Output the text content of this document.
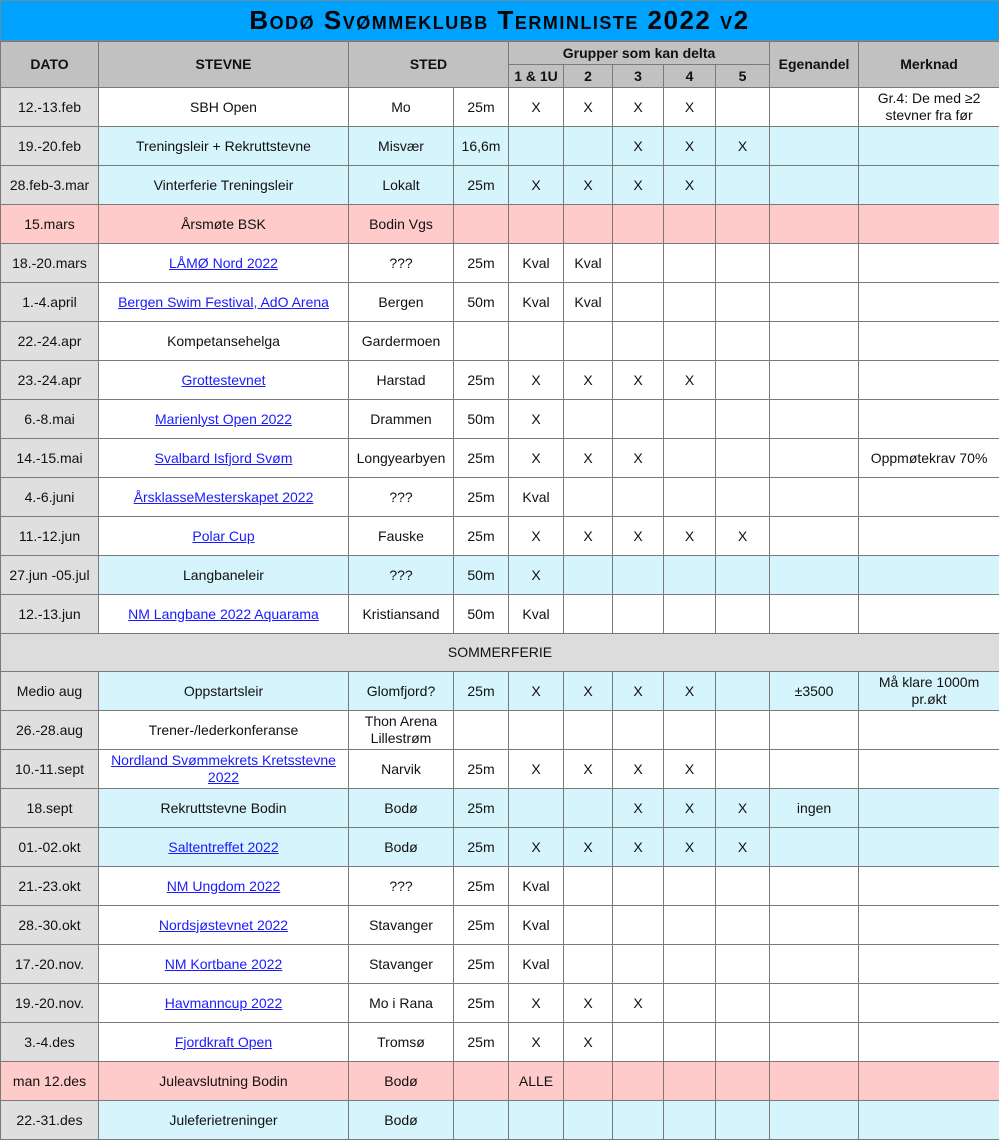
Bodø Svømmeklubb Terminliste 2022 v2
DATO	STEVNE	STED		Grupper som kan delta					Egenandel	Merknad
				1 & 1U	2	3	4	5		
12.-13.feb	SBH Open	Mo	25m	X	X	X	X			Gr.4: De med ≥2 stevner fra før
19.-20.feb	Treningsleir + Rekruttstevne	Misvær	16,6m			X	X	X		
28.feb-3.mar	Vinterferie Treningsleir	Lokalt	25m	X	X	X	X			
15.mars	Årsmøte BSK	Bodin Vgs								
18.-20.mars	LÅMØ Nord 2022	???	25m	Kval	Kval					
1.-4.april	Bergen Swim Festival, AdO Arena	Bergen	50m	Kval	Kval					
22.-24.apr	Kompetansehelga	Gardermoen								
23.-24.apr	Grottestevnet	Harstad	25m	X	X	X	X			
6.-8.mai	Marienlyst Open 2022	Drammen	50m	X						
14.-15.mai	Svalbard Isfjord Svøm	Longyearbyen	25m	X	X	X				Oppmøtekrav 70%
4.-6.juni	ÅrsklasseMesterskapet 2022	???	25m	Kval						
11.-12.jun	Polar Cup	Fauske	25m	X	X	X	X	X		
27.jun -05.jul	Langbaneleir	???	50m	X						
12.-13.jun	NM Langbane 2022 Aquarama	Kristiansand	50m	Kval						
SOMMERFERIE										
Medio aug	Oppstartsleir	Glomfjord?	25m	X	X	X	X		±3500	Må klare 1000m pr.økt
26.-28.aug	Trener-/lederkonferanse	Thon Arena Lillestrøm								
10.-11.sept	Nordland Svømmekrets Kretsstevne 2022	Narvik	25m	X	X	X	X			
18.sept	Rekruttstevne Bodin	Bodø	25m			X	X	X	ingen	
01.-02.okt	Saltentreffet 2022	Bodø	25m	X	X	X	X	X		
21.-23.okt	NM Ungdom 2022	???	25m	Kval						
28.-30.okt	Nordsjøstevnet 2022	Stavanger	25m	Kval						
17.-20.nov.	NM Kortbane 2022	Stavanger	25m	Kval						
19.-20.nov.	Havmanncup 2022	Mo i Rana	25m	X	X	X				
3.-4.des	Fjordkraft Open	Tromsø	25m	X	X					
man 12.des	Juleavslutning Bodin	Bodø		ALLE						
22.-31.des	Juleferietreninger	Bodø								
